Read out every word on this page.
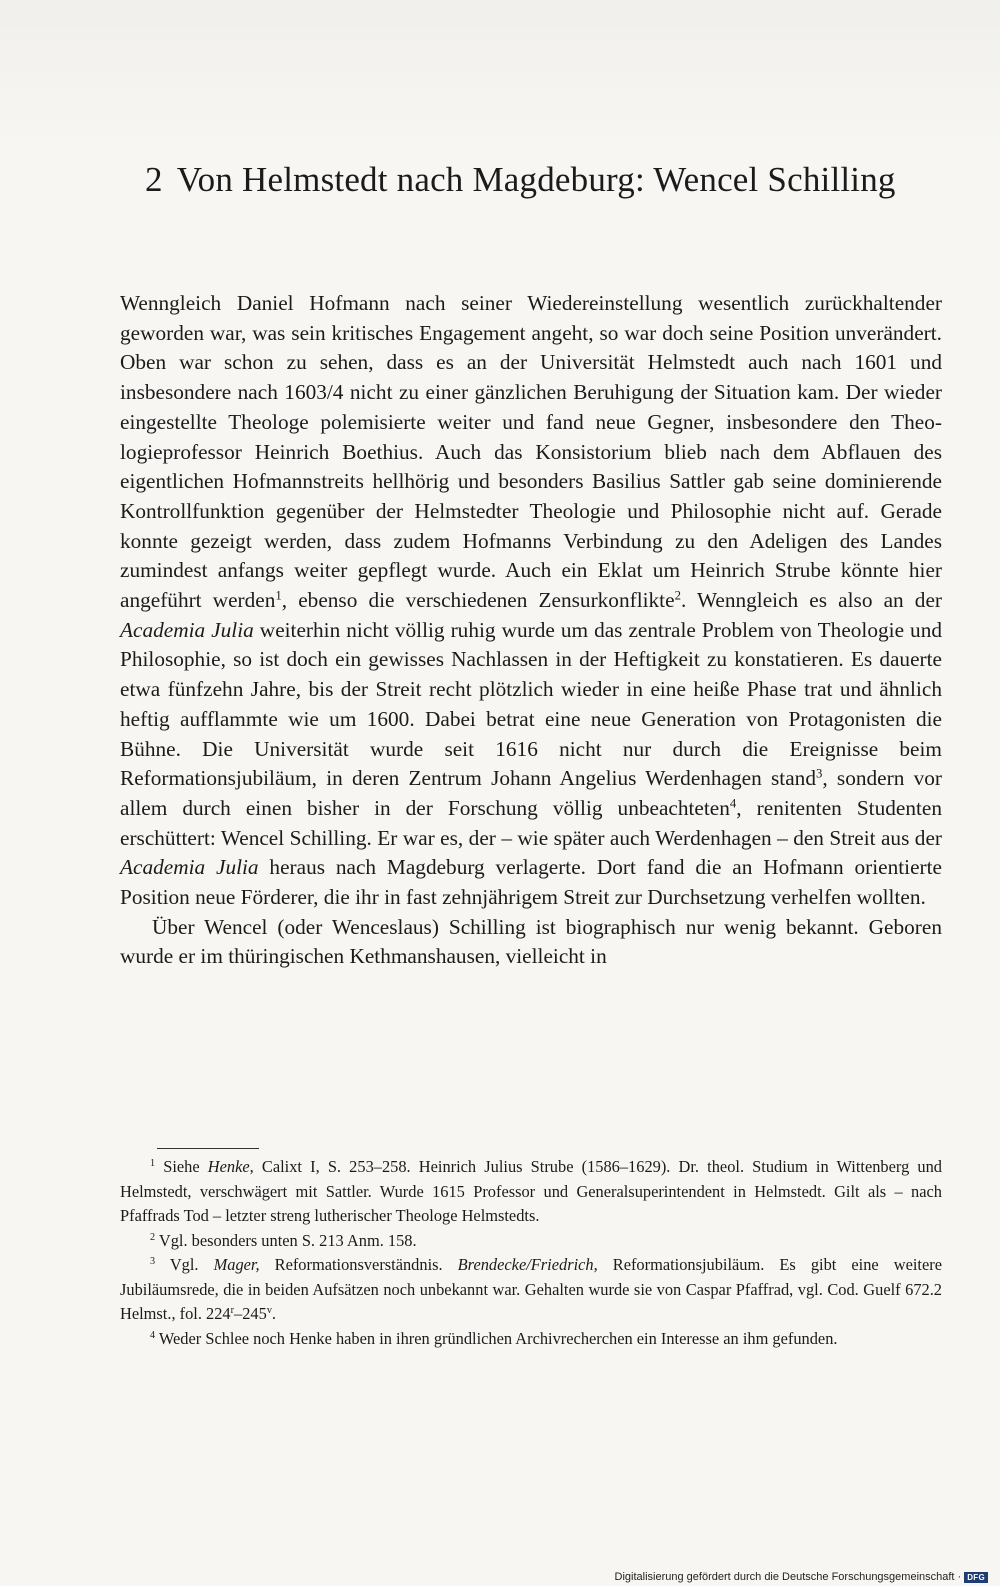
2 Von Helmstedt nach Magdeburg: Wencel Schilling

Wenngleich Daniel Hofmann nach seiner Wiedereinstellung wesentlich zurückhaltender geworden war, was sein kritisches Engagement angeht, so war doch seine Position unverändert. Oben war schon zu sehen, dass es an der Universität Helmstedt auch nach 1601 und insbesondere nach 1603/4 nicht zu einer gänzlichen Beruhigung der Situation kam. Der wieder eingestellte Theologe polemisierte weiter und fand neue Gegner, insbesondere den Theologieprofessor Heinrich Boethius. Auch das Konsistorium blieb nach dem Abflauen des eigentlichen Hofmannstreits hellhörig und besonders Basilius Sattler gab seine dominierende Kontrollfunktion gegenüber der Helmstedter Theologie und Philosophie nicht auf. Gerade konnte gezeigt werden, dass zudem Hofmanns Verbindung zu den Adeligen des Landes zumindest anfangs weiter gepflegt wurde. Auch ein Eklat um Heinrich Strube könnte hier angeführt werden$^1$, ebenso die verschiedenen Zensurkonflikte$^2$. Wenngleich es also an der Academia Julia weiterhin nicht völlig ruhig wurde um das zentrale Problem von Theologie und Philosophie, so ist doch ein gewisses Nachlassen in der Heftigkeit zu konstatieren. Es dauerte etwa fünfzehn Jahre, bis der Streit recht plötzlich wieder in eine heiße Phase trat und ähnlich heftig aufflammte wie um 1600. Dabei betrat eine neue Generation von Protagonisten die Bühne. Die Universität wurde seit 1616 nicht nur durch die Ereignisse beim Reformationsjubiläum, in deren Zentrum Johann Angelius Werdenhagen stand$^3$, sondern vor allem durch einen bisher in der Forschung völlig unbeachteten$^4$, renitenten Studenten erschüttert: Wencel Schilling. Er war es, der – wie später auch Werdenhagen – den Streit aus der Academia Julia heraus nach Magdeburg verlagerte. Dort fand die an Hofmann orientierte Position neue Förderer, die ihr in fast zehnjährigem Streit zur Durchsetzung verhelfen wollten.

Über Wencel (oder Wenceslaus) Schilling ist biographisch nur wenig bekannt. Geboren wurde er im thüringischen Kethmanshausen, vielleicht in

$^1$ Siehe Henke, Calixt I, S. 253–258. Heinrich Julius Strube (1586–1629). Dr. theol. Studium in Wittenberg und Helmstedt, verschwägert mit Sattler. Wurde 1615 Professor und Generalsuperintendent in Helmstedt. Gilt als – nach Pfaffrads Tod – letzter streng lutherischer Theologe Helmstedts.

$^2$ Vgl. besonders unten S. 213 Anm. 158.

$^3$ Vgl. Mager, Reformationsverständnis. Brendecke/Friedrich, Reformationsjubiläum. Es gibt eine weitere Jubiläumsrede, die in beiden Aufsätzen noch unbekannt war. Gehalten wurde sie von Caspar Pfaffrad, vgl. Cod. Guelf 672.2 Helmst., fol. 224$^r$–245$^v$.

$^4$ Weder Schlee noch Henke haben in ihren gründlichen Archivrecherchen ein Interesse an ihm gefunden.

Digitalisierung gefördert durch die Deutsche Forschungsgemeinschaft · DFG
